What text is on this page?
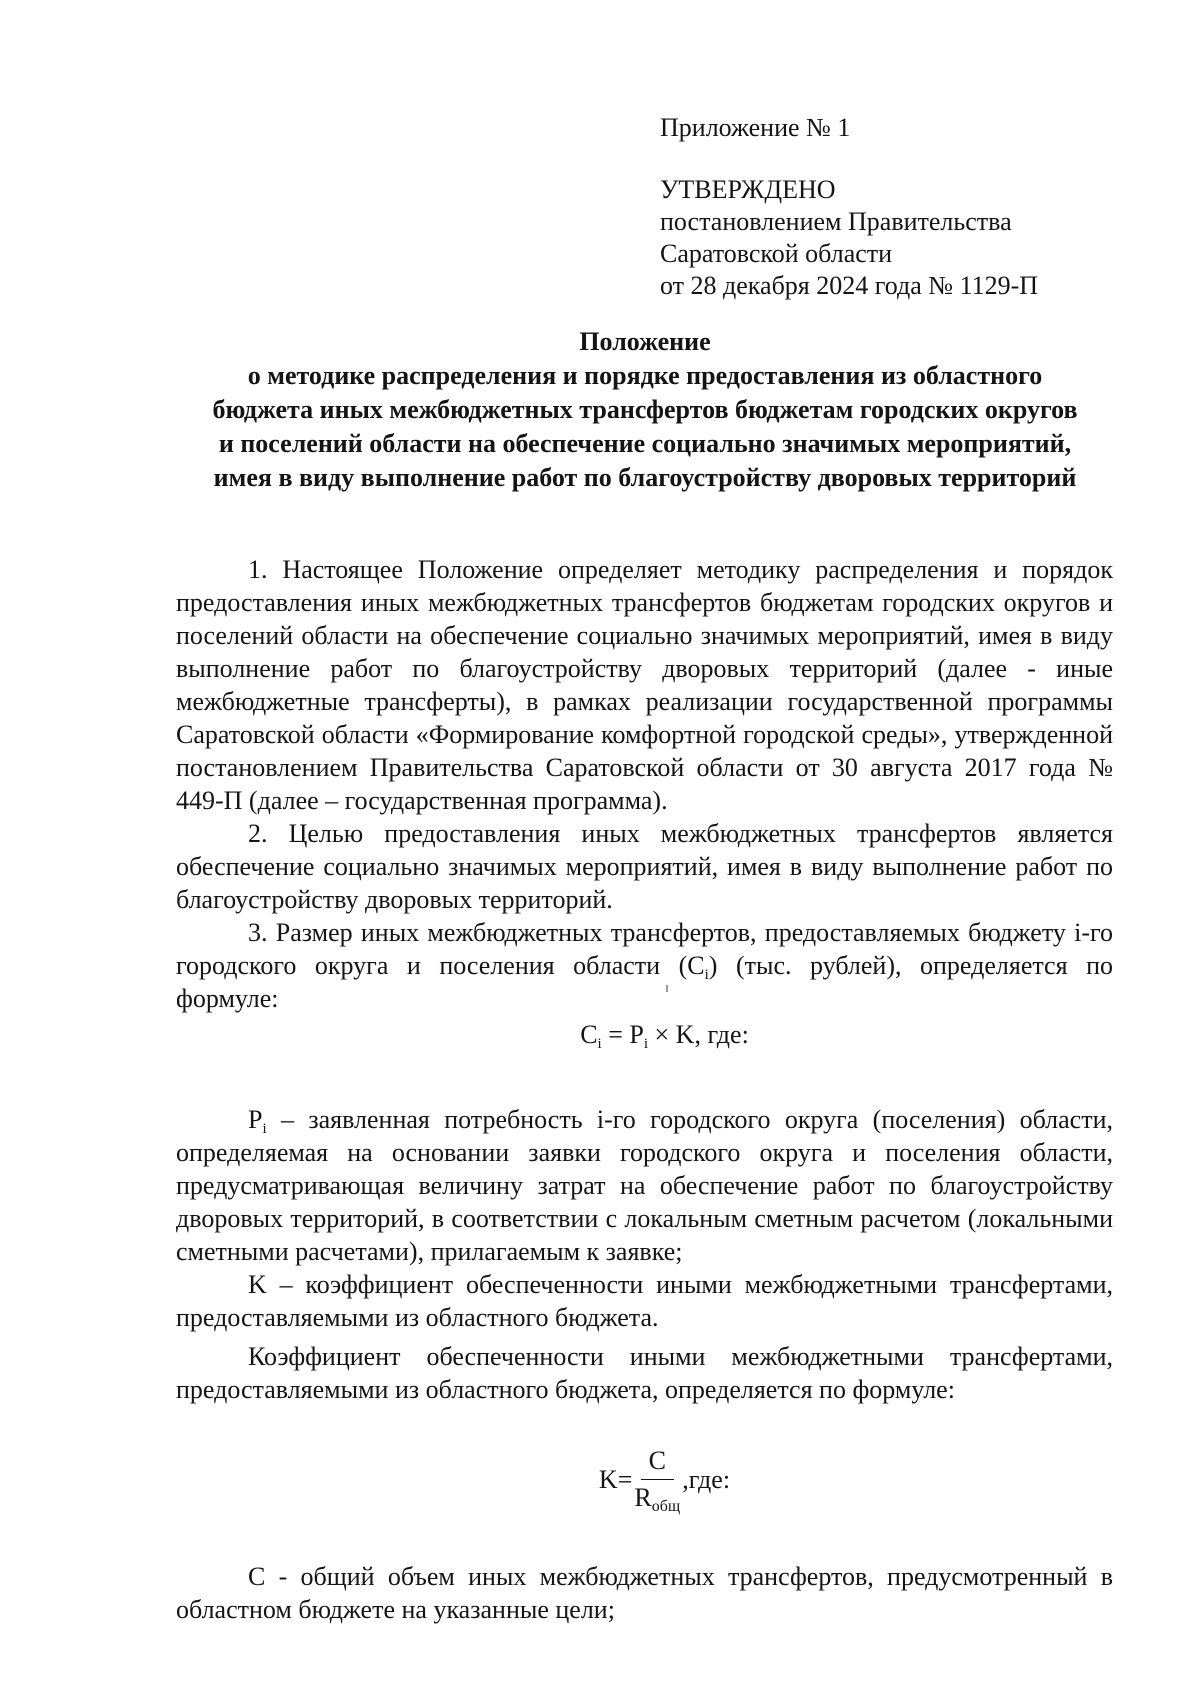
Приложение № 1
УТВЕРЖДЕНО
постановлением Правительства
Саратовской области
от 28 декабря 2024 года № 1129-П
Положение
о методике распределения и порядке предоставления из областного бюджета иных межбюджетных трансфертов бюджетам городских округов и поселений области на обеспечение социально значимых мероприятий, имея в виду выполнение работ по благоустройству дворовых территорий

1. Настоящее Положение определяет методику распределения и порядок предоставления иных межбюджетных трансфертов бюджетам городских округов и поселений области на обеспечение социально значимых мероприятий, имея в виду выполнение работ по благоустройству дворовых территорий (далее - иные межбюджетные трансферты), в рамках реализации государственной программы Саратовской области «Формирование комфортной городской среды», утвержденной постановлением Правительства Саратовской области от 30 августа 2017 года № 449-П (далее – государственная программа).

2. Целью предоставления иных межбюджетных трансфертов является обеспечение социально значимых мероприятий, имея в виду выполнение работ по благоустройству дворовых территорий.

3. Размер иных межбюджетных трансфертов, предоставляемых бюджету i-го городского округа и поселения области $(C_i)$ (тыс. рублей), определяется по формуле:

$C_i = P_i \times K$, где:

$P_i$ – заявленная потребность i-го городского округа (поселения) области, определяемая на основании заявки городского округа и поселения области, предусматривающая величину затрат на обеспечение работ по благоустройству дворовых территорий, в соответствии с локальным сметным расчетом (локальными сметными расчетами), прилагаемым к заявке;

K – коэффициент обеспеченности иными межбюджетными трансфертами, предоставляемыми из областного бюджета.

Коэффициент обеспеченности иными межбюджетными трансфертами, предоставляемыми из областного бюджета, определяется по формуле:

$K= \frac{C}{R_{общ}} ,где$:

C - общий объем иных межбюджетных трансфертов, предусмотренный в областном бюджете на указанные цели;
